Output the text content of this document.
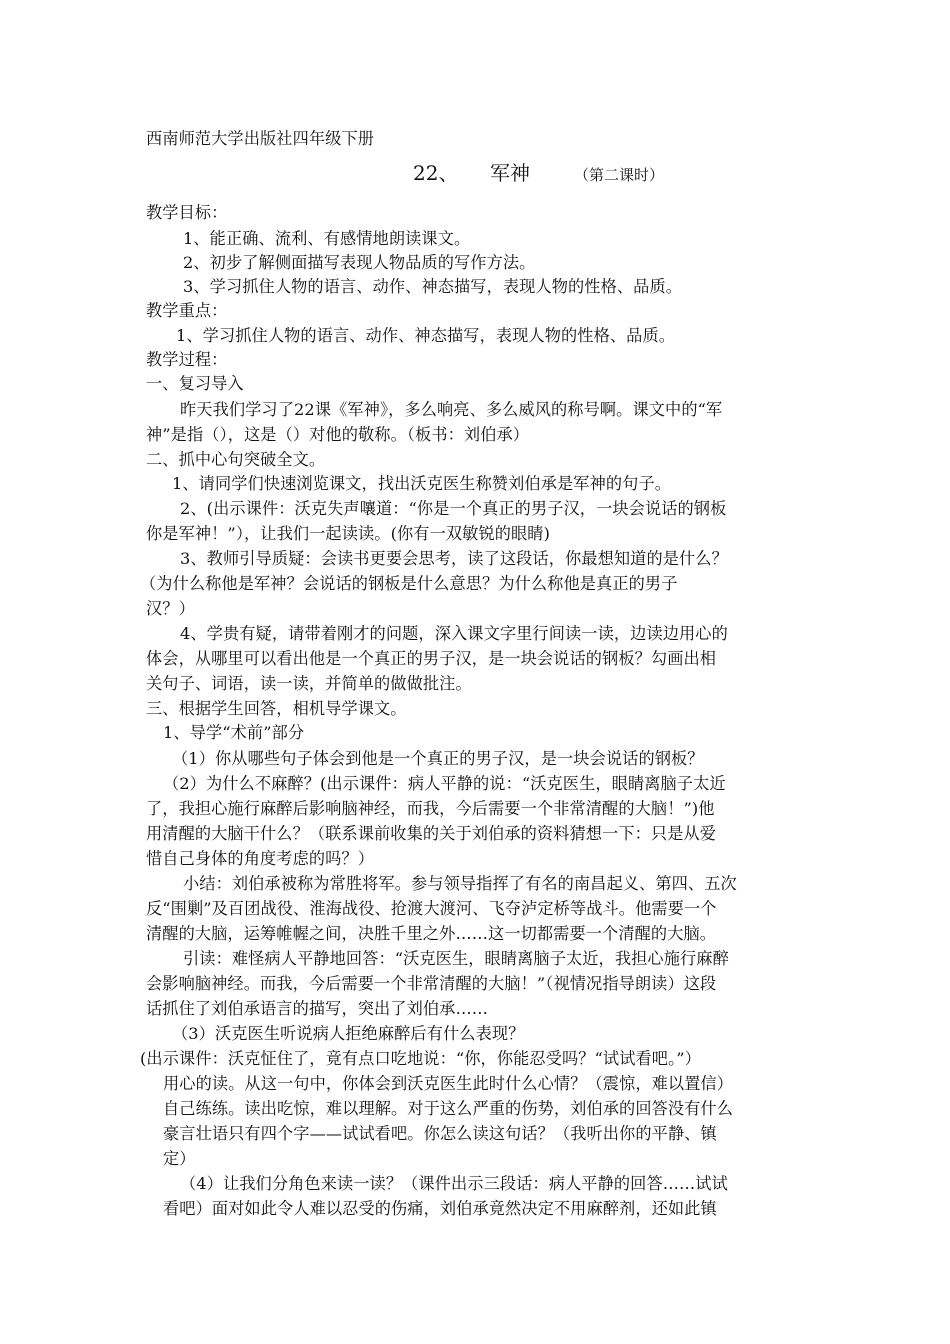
西南师范大学出版社四年级下册
22、 军神	（第二课时）
教学目标：
1、能正确、流利、有感情地朗读课文。
2、初步了解侧面描写表现人物品质的写作方法。
3、学习抓住人物的语言、动作、神态描写，表现人物的性格、品质。
教学重点：
1、学习抓住人物的语言、动作、神态描写，表现人物的性格、品质。
教学过程：
一、复习导入
昨天我们学习了22课《军神》，多么响亮、多么威风的称号啊。课文中的“军
神”是指（），这是（）对他的敬称。（板书：刘伯承）
二、抓中心句突破全文。
1、请同学们快速浏览课文，找出沃克医生称赞刘伯承是军神的句子。
2、(出示课件：沃克失声嚷道：“你是一个真正的男子汉，一块会说话的钢板
你是军神！”），让我们一起读读。(你有一双敏锐的眼睛)
3、教师引导质疑：会读书更要会思考，读了这段话，你最想知道的是什么？
（为什么称他是军神？会说话的钢板是什么意思？为什么称他是真正的男子
汉？）
4、学贵有疑，请带着刚才的问题，深入课文字里行间读一读，边读边用心的
体会，从哪里可以看出他是一个真正的男子汉，是一块会说话的钢板？勾画出相
关句子、词语，读一读，并简单的做做批注。
三、根据学生回答，相机导学课文。
1、导学“术前”部分
（1）你从哪些句子体会到他是一个真正的男子汉，是一块会说话的钢板？
（2）为什么不麻醉？(出示课件：病人平静的说：“沃克医生，眼睛离脑子太近
了，我担心施行麻醉后影响脑神经，而我，今后需要一个非常清醒的大脑！”)他
用清醒的大脑干什么？（联系课前收集的关于刘伯承的资料猜想一下：只是从爱
惜自己身体的角度考虑的吗？）
小结：刘伯承被称为常胜将军。参与领导指挥了有名的南昌起义、第四、五次
反“围剿”及百团战役、淮海战役、抢渡大渡河、飞夺泸定桥等战斗。他需要一个
清醒的大脑，运筹帷幄之间，决胜千里之外……这一切都需要一个清醒的大脑。
引读：难怪病人平静地回答：“沃克医生，眼睛离脑子太近，我担心施行麻醉
会影响脑神经。而我，今后需要一个非常清醒的大脑！”（视情况指导朗读）这段
话抓住了刘伯承语言的描写，突出了刘伯承……
（3）沃克医生听说病人拒绝麻醉后有什么表现？
(出示课件：沃克怔住了，竟有点口吃地说：“你，你能忍受吗？“试试看吧。”）
用心的读。从这一句中，你体会到沃克医生此时什么心情？（震惊，难以置信）
自己练练。读出吃惊，难以理解。对于这么严重的伤势，刘伯承的回答没有什么
豪言壮语只有四个字——试试看吧。你怎么读这句话？（我听出你的平静、镇
定）
（4）让我们分角色来读一读？（课件出示三段话：病人平静的回答……试试
看吧）面对如此令人难以忍受的伤痛，刘伯承竟然决定不用麻醉剂，还如此镇
